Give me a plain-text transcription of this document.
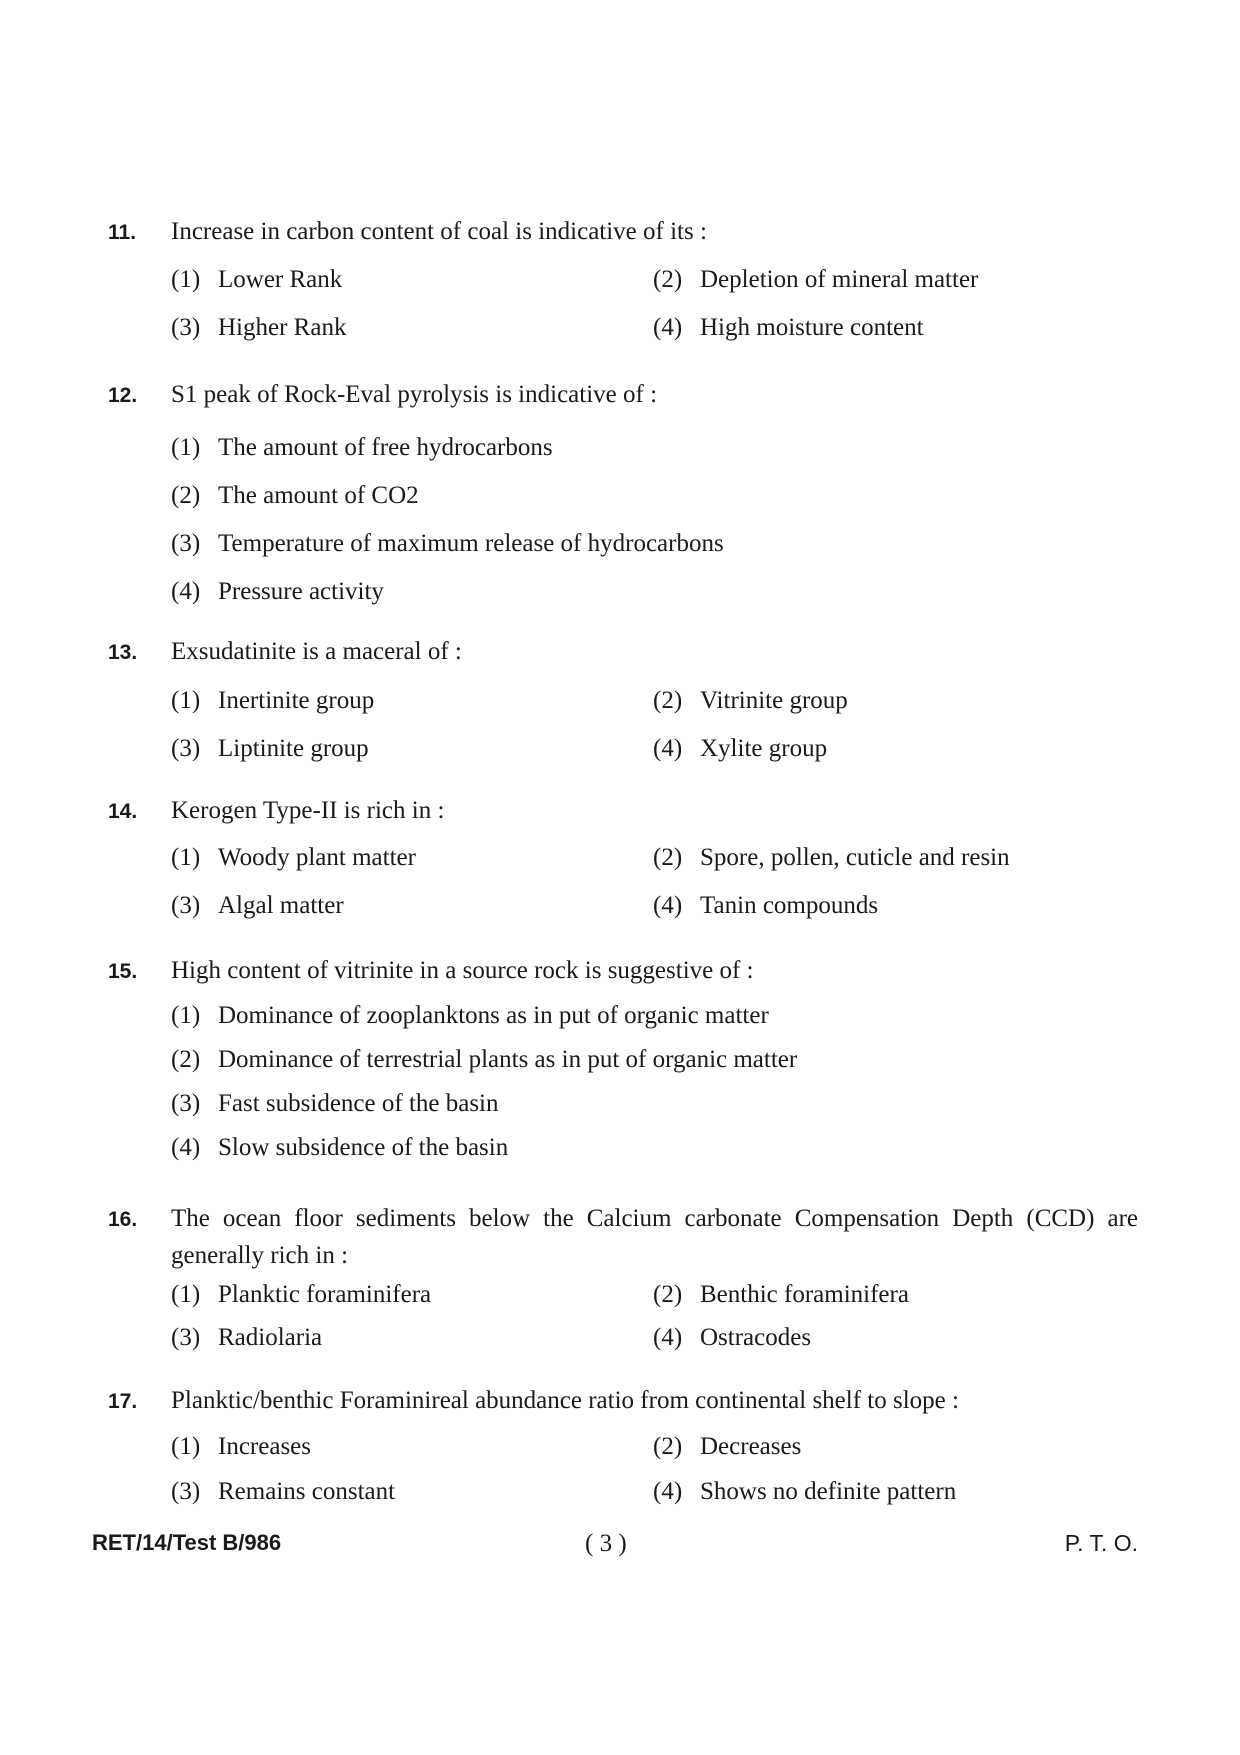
11.	Increase in carbon content of coal is indicative of its :
(1) Lower Rank	(2) Depletion of mineral matter
(3) Higher Rank	(4) High moisture content
12.	S1 peak of Rock-Eval pyrolysis is indicative of :
(1) The amount of free hydrocarbons
(2) The amount of CO2
(3) Temperature of maximum release of hydrocarbons
(4) Pressure activity
13.	Exsudatinite is a maceral of :
(1) Inertinite group	(2) Vitrinite group
(3) Liptinite group	(4) Xylite group
14.	Kerogen Type-II is rich in :
(1) Woody plant matter	(2) Spore, pollen, cuticle and resin
(3) Algal matter	(4) Tanin compounds
15.	High content of vitrinite in a source rock is suggestive of :
(1) Dominance of zooplanktons as in put of organic matter
(2) Dominance of terrestrial plants as in put of organic matter
(3) Fast subsidence of the basin
(4) Slow subsidence of the basin
16.	The ocean floor sediments below the Calcium carbonate Compensation Depth (CCD) are generally rich in :
(1) Planktic foraminifera	(2) Benthic foraminifera
(3) Radiolaria	(4) Ostracodes
17.	Planktic/benthic Foraminireal abundance ratio from continental shelf to slope :
(1) Increases	(2) Decreases
(3) Remains constant	(4) Shows no definite pattern
RET/14/Test B/986	( 3 )	P. T. O.
